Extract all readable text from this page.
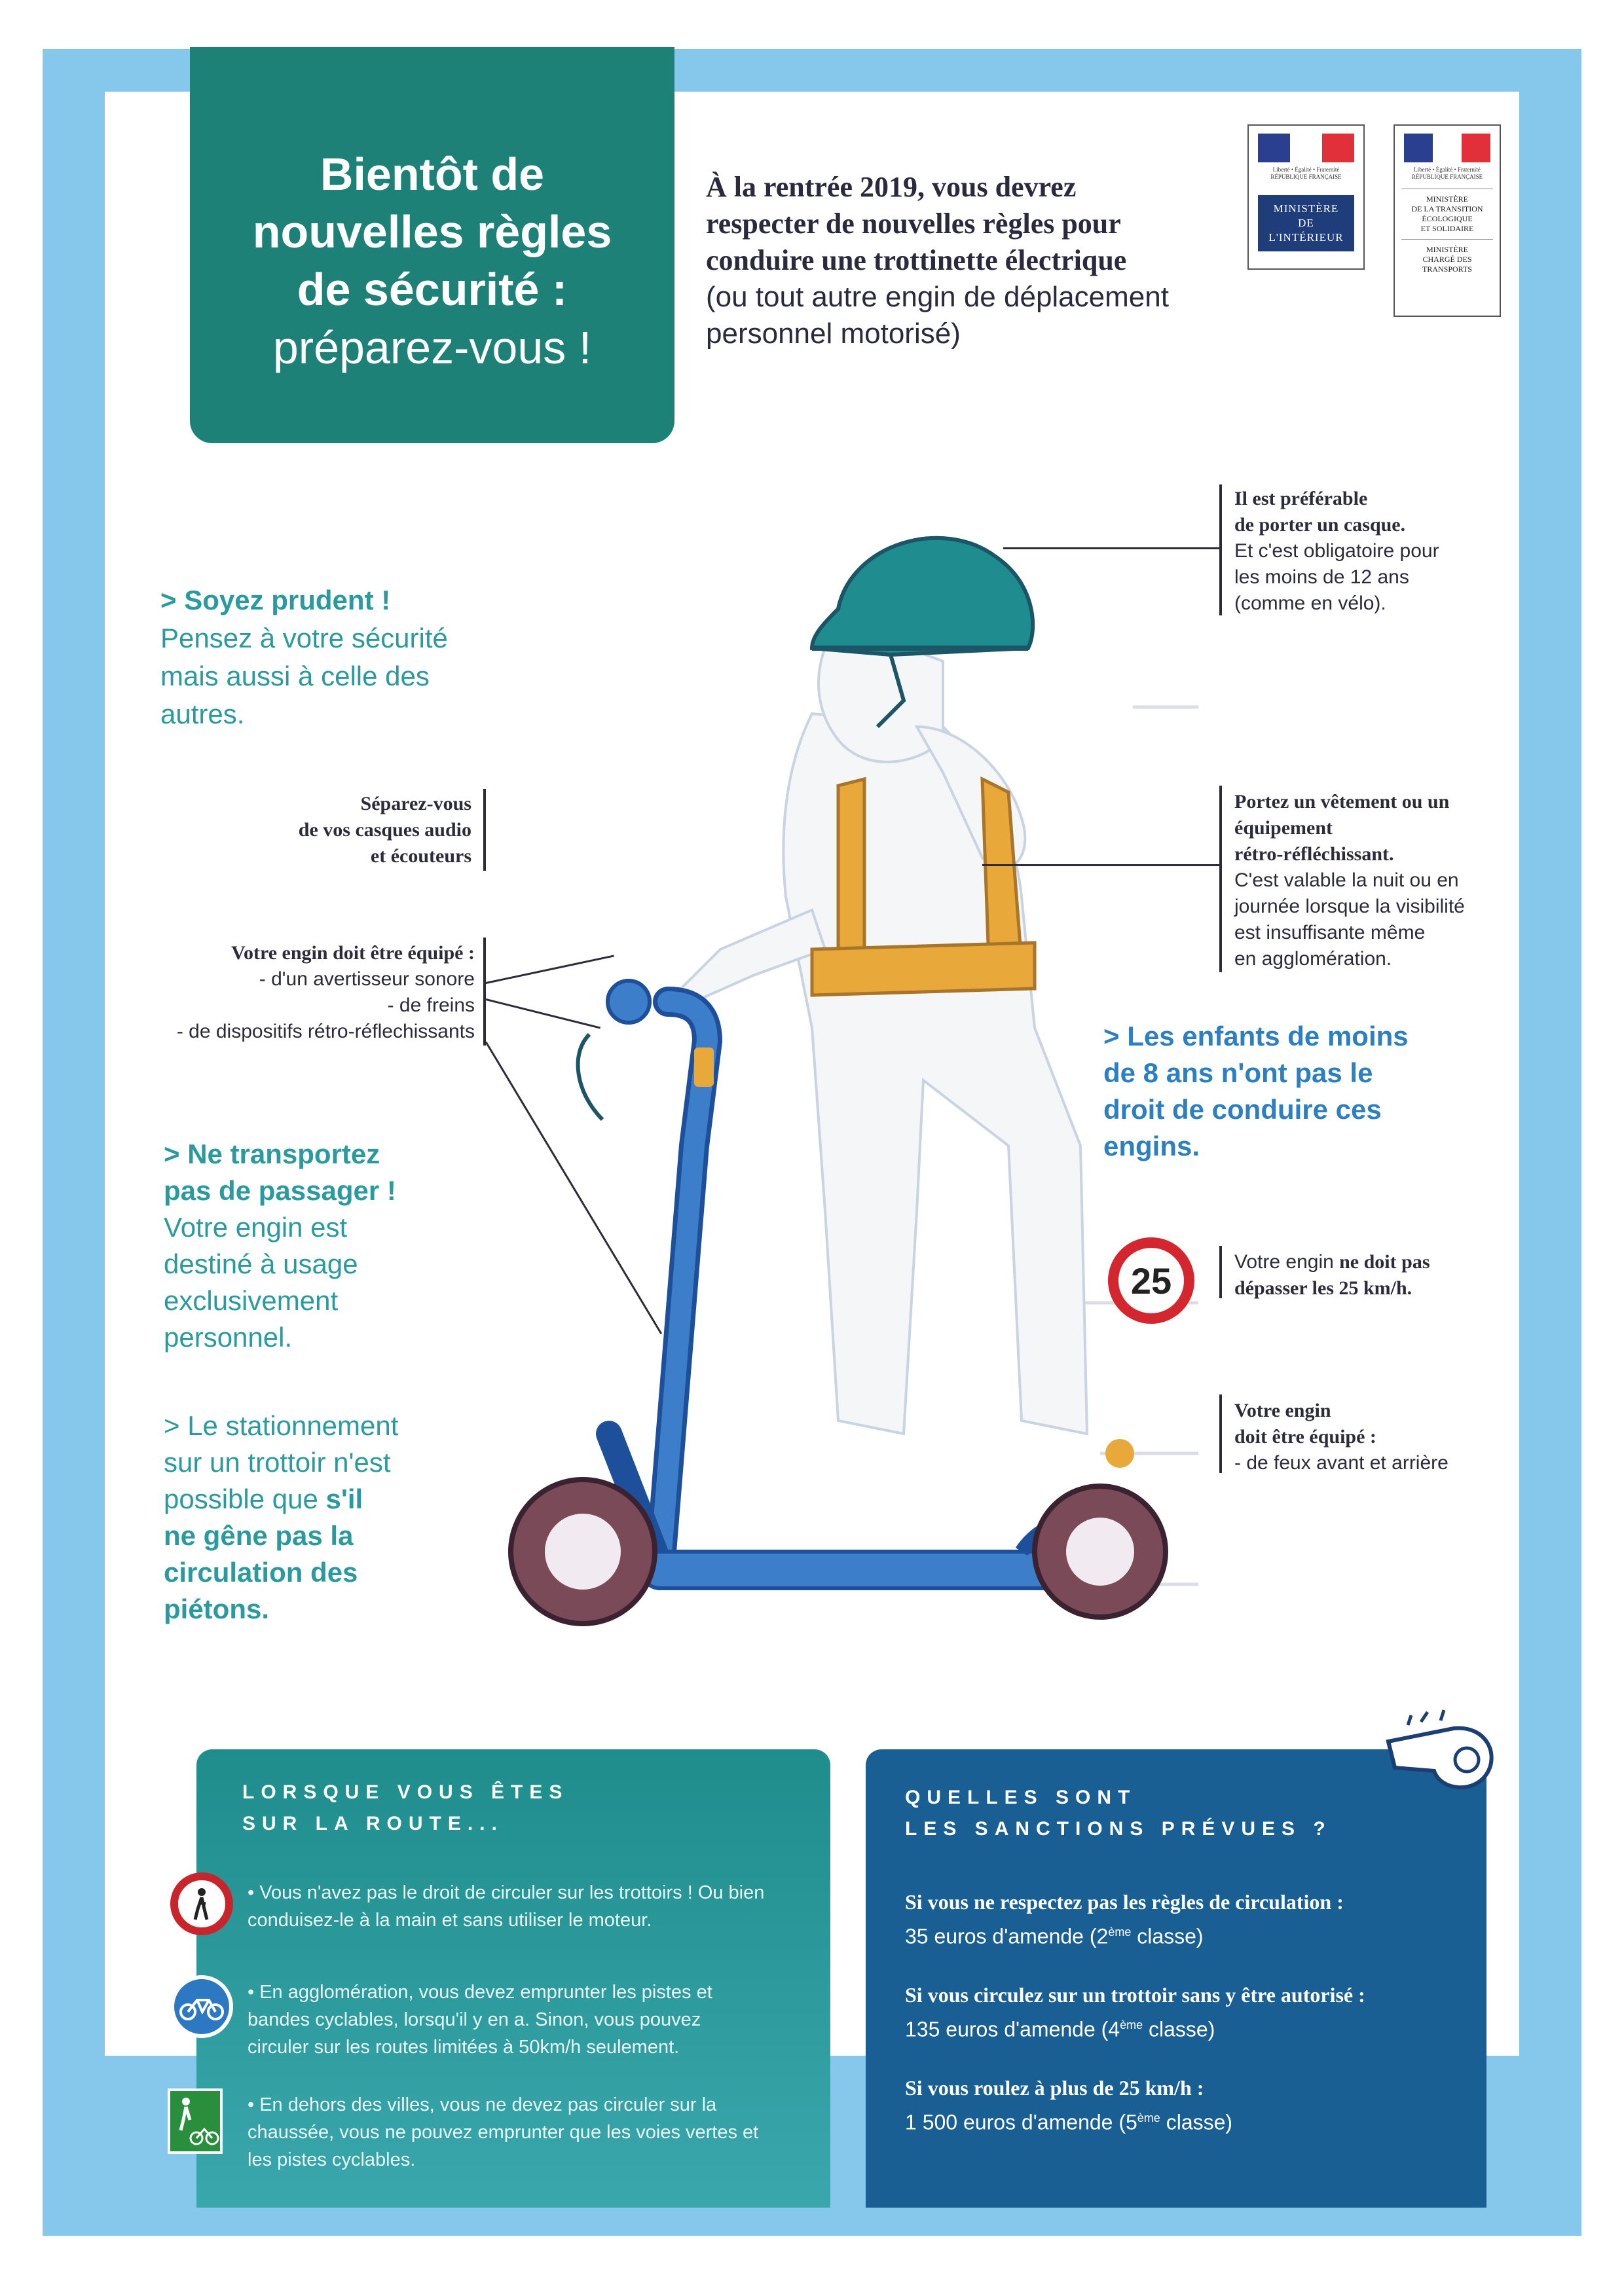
Bientôt de
nouvelles règles
de sécurité :
préparez-vous !
À la rentrée 2019, vous devrez
respecter de nouvelles règles pour
conduire une trottinette électrique
(ou tout autre engin de déplacement
personnel motorisé)
Liberté • Égalité • Fraternité
RÉPUBLIQUE FRANÇAISE
MINISTÈRE
DE
L'INTÉRIEUR
Liberté • Égalité • Fraternité
RÉPUBLIQUE FRANÇAISE
MINISTÈRE
DE LA TRANSITION
ÉCOLOGIQUE
ET SOLIDAIRE
MINISTÈRE
CHARGÉ DES
TRANSPORTS
> Soyez prudent !
Pensez à votre sécurité
mais aussi à celle des
autres.
Séparez-vous
de vos casques audio
et écouteurs
Votre engin doit être équipé :
- d'un avertisseur sonore
- de freins
- de dispositifs rétro-réflechissants
> Ne transportez
pas de passager !
Votre engin est
destiné à usage
exclusivement
personnel.
> Le stationnement
sur un trottoir n'est
possible que s'il
ne gêne pas la
circulation des
piétons.
Il est préférable
de porter un casque.
Et c'est obligatoire pour
les moins de 12 ans
(comme en vélo).
Portez un vêtement ou un
équipement
rétro-réfléchissant.
C'est valable la nuit ou en
journée lorsque la visibilité
est insuffisante même
en agglomération.
> Les enfants de moins
de 8 ans n'ont pas le
droit de conduire ces
engins.
25	Votre engin ne doit pas
dépasser les 25 km/h.
Votre engin
doit être équipé :
- de feux avant et arrière
LORSQUE VOUS ÊTES
SUR LA ROUTE...
• Vous n'avez pas le droit de circuler sur les trottoirs ! Ou bien
conduisez-le à la main et sans utiliser le moteur.
• En agglomération, vous devez emprunter les pistes et
bandes cyclables, lorsqu'il y en a. Sinon, vous pouvez
circuler sur les routes limitées à 50km/h seulement.
• En dehors des villes, vous ne devez pas circuler sur la
chaussée, vous ne pouvez emprunter que les voies vertes et
les pistes cyclables.
QUELLES SONT
LES SANCTIONS PRÉVUES ?
Si vous ne respectez pas les règles de circulation :
35 euros d'amende (2ème classe)
Si vous circulez sur un trottoir sans y être autorisé :
135 euros d'amende (4ème classe)
Si vous roulez à plus de 25 km/h :
1 500 euros d'amende (5ème classe)
